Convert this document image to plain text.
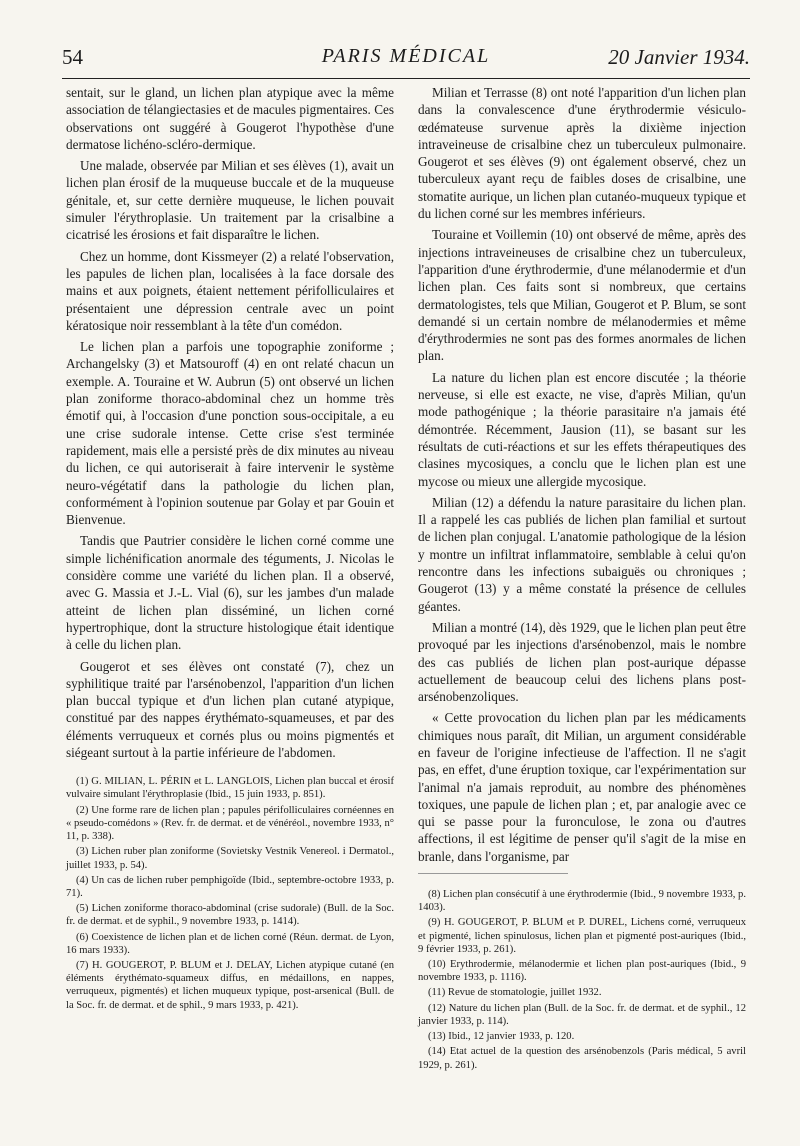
54	PARIS MÉDICAL	20 Janvier 1934.

sentait, sur le gland, un lichen plan atypique avec la même association de télangiectasies et de macules pigmentaires. Ces observations ont suggéré à Gougerot l'hypothèse d'une dermatose lichéno-scléro-dermique.

Une malade, observée par Milian et ses élèves (1), avait un lichen plan érosif de la muqueuse buccale et de la muqueuse génitale, et, sur cette dernière muqueuse, le lichen pouvait simuler l'érythroplasie. Un traitement par la crisalbine a cicatrisé les érosions et fait disparaître le lichen.

Chez un homme, dont Kissmeyer (2) a relaté l'observation, les papules de lichen plan, localisées à la face dorsale des mains et aux poignets, étaient nettement périfolliculaires et présentaient une dépression centrale avec un point kératosique noir ressemblant à la tête d'un comédon.

Le lichen plan a parfois une topographie zoniforme ; Archangelsky (3) et Matsouroff (4) en ont relaté chacun un exemple. A. Touraine et W. Aubrun (5) ont observé un lichen plan zoniforme thoraco-abdominal chez un homme très émotif qui, à l'occasion d'une ponction sous-occipitale, a eu une crise sudorale intense. Cette crise s'est terminée rapidement, mais elle a persisté près de dix minutes au niveau du lichen, ce qui autoriserait à faire intervenir le système neuro-végétatif dans la pathologie du lichen plan, conformément à l'opinion soutenue par Golay et par Gouin et Bienvenue.

Tandis que Pautrier considère le lichen corné comme une simple lichénification anormale des téguments, J. Nicolas le considère comme une variété du lichen plan. Il a observé, avec G. Massia et J.-L. Vial (6), sur les jambes d'un malade atteint de lichen plan disséminé, un lichen corné hypertrophique, dont la structure histologique était identique à celle du lichen plan.

Gougerot et ses élèves ont constaté (7), chez un syphilitique traité par l'arsénobenzol, l'apparition d'un lichen plan buccal typique et d'un lichen plan cutané atypique, constitué par des nappes érythémato-squameuses, et par des éléments verruqueux et cornés plus ou moins pigmentés et siégeant surtout à la partie inférieure de l'abdomen.

(1) G. MILIAN, L. PÉRIN et L. LANGLOIS, Lichen plan buccal et érosif vulvaire simulant l'érythroplasie (Ibid., 15 juin 1933, p. 851).

(2) Une forme rare de lichen plan ; papules périfolliculaires cornéennes en « pseudo-comédons » (Rev. fr. de dermat. et de vénéréol., novembre 1933, n° 11, p. 338).

(3) Lichen ruber plan zoniforme (Sovietsky Vestnik Venereol. i Dermatol., juillet 1933, p. 54).

(4) Un cas de lichen ruber pemphigoïde (Ibid., septembre-octobre 1933, p. 71).

(5) Lichen zoniforme thoraco-abdominal (crise sudorale) (Bull. de la Soc. fr. de dermat. et de syphil., 9 novembre 1933, p. 1414).

(6) Coexistence de lichen plan et de lichen corné (Réun. dermat. de Lyon, 16 mars 1933).

(7) H. GOUGEROT, P. BLUM et J. DELAY, Lichen atypique cutané (en éléments érythémato-squameux diffus, en médaillons, en nappes, verruqueux, pigmentés) et lichen muqueux typique, post-arsenical (Bull. de la Soc. fr. de dermat. et de sphil., 9 mars 1933, p. 421).

Milian et Terrasse (8) ont noté l'apparition d'un lichen plan dans la convalescence d'une érythrodermie vésiculo-œdémateuse survenue après la dixième injection intraveineuse de crisalbine chez un tuberculeux pulmonaire. Gougerot et ses élèves (9) ont également observé, chez un tuberculeux ayant reçu de faibles doses de crisalbine, une stomatite aurique, un lichen plan cutanéo-muqueux typique et du lichen corné sur les membres inférieurs.

Touraine et Voillemin (10) ont observé de même, après des injections intraveineuses de crisalbine chez un tuberculeux, l'apparition d'une érythrodermie, d'une mélanodermie et d'un lichen plan. Ces faits sont si nombreux, que certains dermatologistes, tels que Milian, Gougerot et P. Blum, se sont demandé si un certain nombre de mélanodermies et même d'érythrodermies ne sont pas des formes anormales de lichen plan.

La nature du lichen plan est encore discutée ; la théorie nerveuse, si elle est exacte, ne vise, d'après Milian, qu'un mode pathogénique ; la théorie parasitaire n'a jamais été démontrée. Récemment, Jausion (11), se basant sur les résultats de cuti-réactions et sur les effets thérapeutiques des clasines mycosiques, a conclu que le lichen plan est une mycose ou mieux une allergide mycosique.

Milian (12) a défendu la nature parasitaire du lichen plan. Il a rappelé les cas publiés de lichen plan familial et surtout de lichen plan conjugal. L'anatomie pathologique de la lésion y montre un infiltrat inflammatoire, semblable à celui qu'on rencontre dans les infections subaiguës ou chroniques ; Gougerot (13) y a même constaté la présence de cellules géantes.

Milian a montré (14), dès 1929, que le lichen plan peut être provoqué par les injections d'arsénobenzol, mais le nombre des cas publiés de lichen plan post-aurique dépasse actuellement de beaucoup celui des lichens plans post-arsénobenzoliques.

« Cette provocation du lichen plan par les médicaments chimiques nous paraît, dit Milian, un argument considérable en faveur de l'origine infectieuse de l'affection. Il ne s'agit pas, en effet, d'une éruption toxique, car l'expérimentation sur l'animal n'a jamais reproduit, au nombre des phénomènes toxiques, une papule de lichen plan ; et, par analogie avec ce qui se passe pour la furonculose, le zona ou d'autres affections, il est légitime de penser qu'il s'agit de la mise en branle, dans l'organisme, par

(8) Lichen plan consécutif à une érythrodermie (Ibid., 9 novembre 1933, p. 1403).

(9) H. GOUGEROT, P. BLUM et P. DUREL, Lichens corné, verruqueux et pigmenté, lichen spinulosus, lichen plan et pigmenté post-auriques (Ibid., 9 février 1933, p. 261).

(10) Erythrodermie, mélanodermie et lichen plan post-auriques (Ibid., 9 novembre 1933, p. 1116).

(11) Revue de stomatologie, juillet 1932.

(12) Nature du lichen plan (Bull. de la Soc. fr. de dermat. et de syphil., 12 janvier 1933, p. 114).

(13) Ibid., 12 janvier 1933, p. 120.

(14) Etat actuel de la question des arsénobenzols (Paris médical, 5 avril 1929, p. 261).
